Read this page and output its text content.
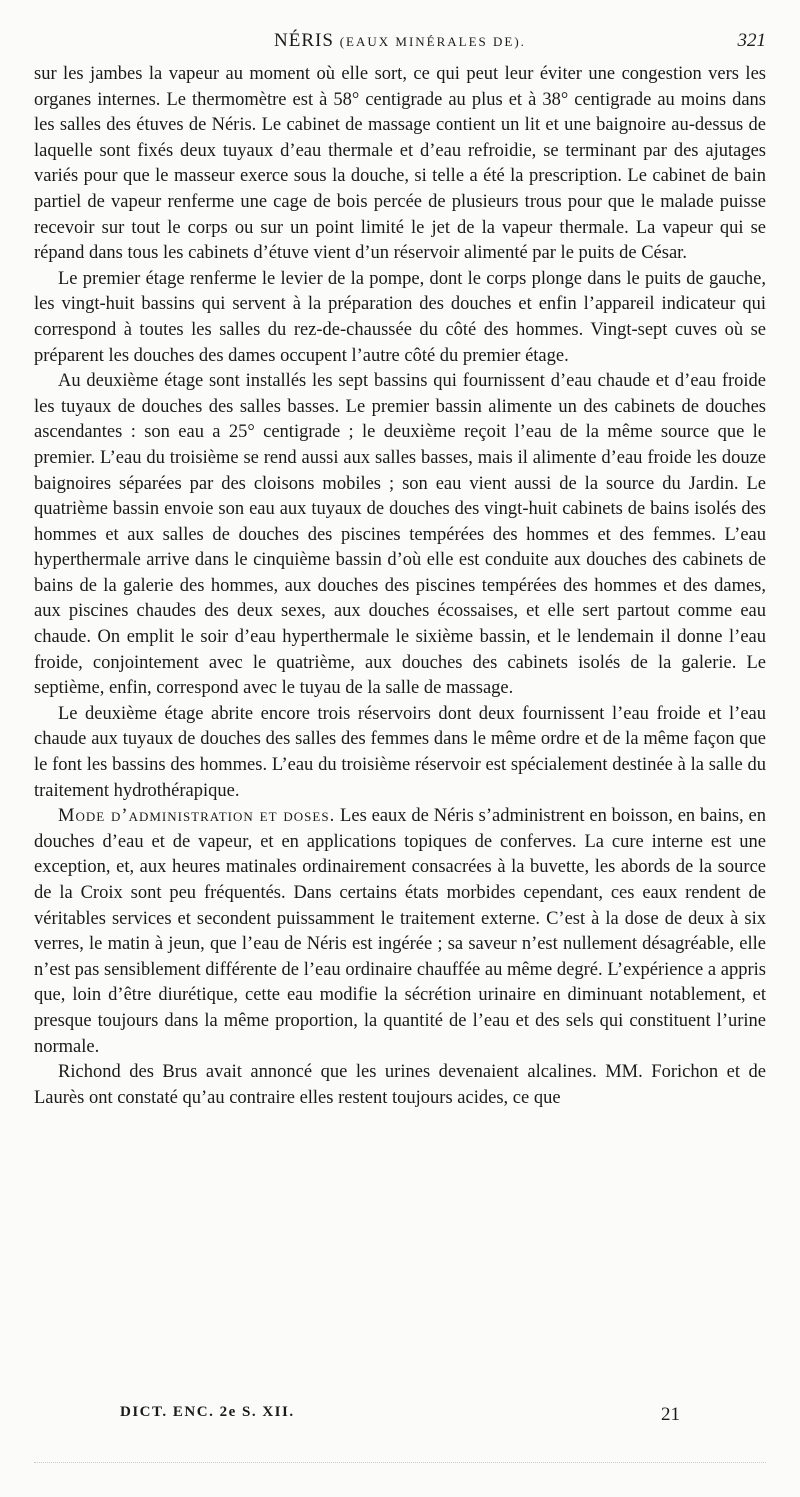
NÉRIS (EAUX MINÉRALES DE).	321

sur les jambes la vapeur au moment où elle sort, ce qui peut leur éviter une congestion vers les organes internes. Le thermomètre est à 58° centigrade au plus et à 38° centigrade au moins dans les salles des étuves de Néris. Le cabinet de massage contient un lit et une baignoire au-dessus de laquelle sont fixés deux tuyaux d’eau thermale et d’eau refroidie, se terminant par des ajutages variés pour que le masseur exerce sous la douche, si telle a été la prescription. Le cabinet de bain partiel de vapeur renferme une cage de bois percée de plusieurs trous pour que le malade puisse recevoir sur tout le corps ou sur un point limité le jet de la vapeur thermale. La vapeur qui se répand dans tous les cabinets d’étuve vient d’un réservoir alimenté par le puits de César.

Le premier étage renferme le levier de la pompe, dont le corps plonge dans le puits de gauche, les vingt-huit bassins qui servent à la préparation des douches et enfin l’appareil indicateur qui correspond à toutes les salles du rez-de-chaussée du côté des hommes. Vingt-sept cuves où se préparent les douches des dames occupent l’autre côté du premier étage.

Au deuxième étage sont installés les sept bassins qui fournissent d’eau chaude et d’eau froide les tuyaux de douches des salles basses. Le premier bassin alimente un des cabinets de douches ascendantes : son eau a 25° centigrade ; le deuxième reçoit l’eau de la même source que le premier. L’eau du troisième se rend aussi aux salles basses, mais il alimente d’eau froide les douze baignoires séparées par des cloisons mobiles ; son eau vient aussi de la source du Jardin. Le quatrième bassin envoie son eau aux tuyaux de douches des vingt-huit cabinets de bains isolés des hommes et aux salles de douches des piscines tempérées des hommes et des femmes. L’eau hyperthermale arrive dans le cinquième bassin d’où elle est conduite aux douches des cabinets de bains de la galerie des hommes, aux douches des piscines tempérées des hommes et des dames, aux piscines chaudes des deux sexes, aux douches écossaises, et elle sert partout comme eau chaude. On emplit le soir d’eau hyperthermale le sixième bassin, et le lendemain il donne l’eau froide, conjointement avec le quatrième, aux douches des cabinets isolés de la galerie. Le septième, enfin, correspond avec le tuyau de la salle de massage.

Le deuxième étage abrite encore trois réservoirs dont deux fournissent l’eau froide et l’eau chaude aux tuyaux de douches des salles des femmes dans le même ordre et de la même façon que le font les bassins des hommes. L’eau du troisième réservoir est spécialement destinée à la salle du traitement hydrothérapique.

Mode d’administration et doses. Les eaux de Néris s’administrent en boisson, en bains, en douches d’eau et de vapeur, et en applications topiques de conferves. La cure interne est une exception, et, aux heures matinales ordinairement consacrées à la buvette, les abords de la source de la Croix sont peu fréquentés. Dans certains états morbides cependant, ces eaux rendent de véritables services et secondent puissamment le traitement externe. C’est à la dose de deux à six verres, le matin à jeun, que l’eau de Néris est ingérée ; sa saveur n’est nullement désagréable, elle n’est pas sensiblement différente de l’eau ordinaire chauffée au même degré. L’expérience a appris que, loin d’être diurétique, cette eau modifie la sécrétion urinaire en diminuant notablement, et presque toujours dans la même proportion, la quantité de l’eau et des sels qui constituent l’urine normale.

Richond des Brus avait annoncé que les urines devenaient alcalines. MM. Forichon et de Laurès ont constaté qu’au contraire elles restent toujours acides, ce que

DICT. ENC. 2e S. XII.	21
